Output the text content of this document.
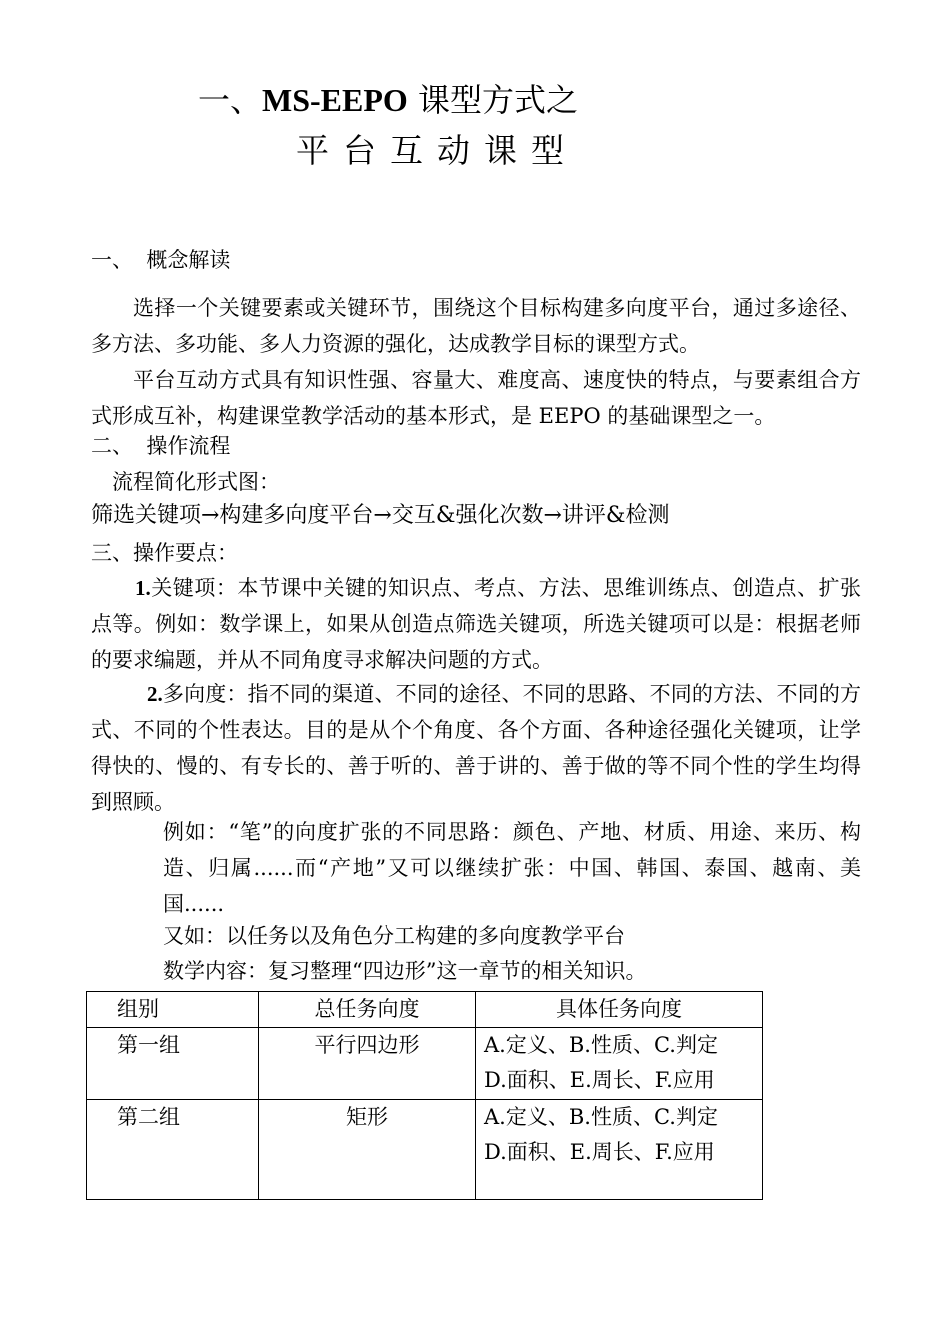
一、MS-EEPO 课型方式之
平台互动课型
一、  概念解读
选择一个关键要素或关键环节，围绕这个目标构建多向度平台，通过多途径、多方法、多功能、多人力资源的强化，达成教学目标的课型方式。
平台互动方式具有知识性强、容量大、难度高、速度快的特点，与要素组合方式形成互补，构建课堂教学活动的基本形式，是 EEPO 的基础课型之一。
二、  操作流程
流程简化形式图：
筛选关键项→构建多向度平台→交互&强化次数→讲评&检测
三、操作要点：
1.关键项：本节课中关键的知识点、考点、方法、思维训练点、创造点、扩张点等。例如：数学课上，如果从创造点筛选关键项，所选关键项可以是：根据老师的要求编题，并从不同角度寻求解决问题的方式。
2.多向度：指不同的渠道、不同的途径、不同的思路、不同的方法、不同的方式、不同的个性表达。目的是从个个角度、各个方面、各种途径强化关键项，让学得快的、慢的、有专长的、善于听的、善于讲的、善于做的等不同个性的学生均得到照顾。
例如：“笔”的向度扩张的不同思路：颜色、产地、材质、用途、来历、构造、归属......而“产地”又可以继续扩张：中国、韩国、泰国、越南、美国......
又如：以任务以及角色分工构建的多向度教学平台
数学内容：复习整理“四边形”这一章节的相关知识。
组别	总任务向度	具体任务向度
第一组	平行四边形	A.定义、B.性质、C.判定
D.面积、E.周长、F.应用

第二组	矩形	A.定义、B.性质、C.判定
D.面积、E.周长、F.应用
